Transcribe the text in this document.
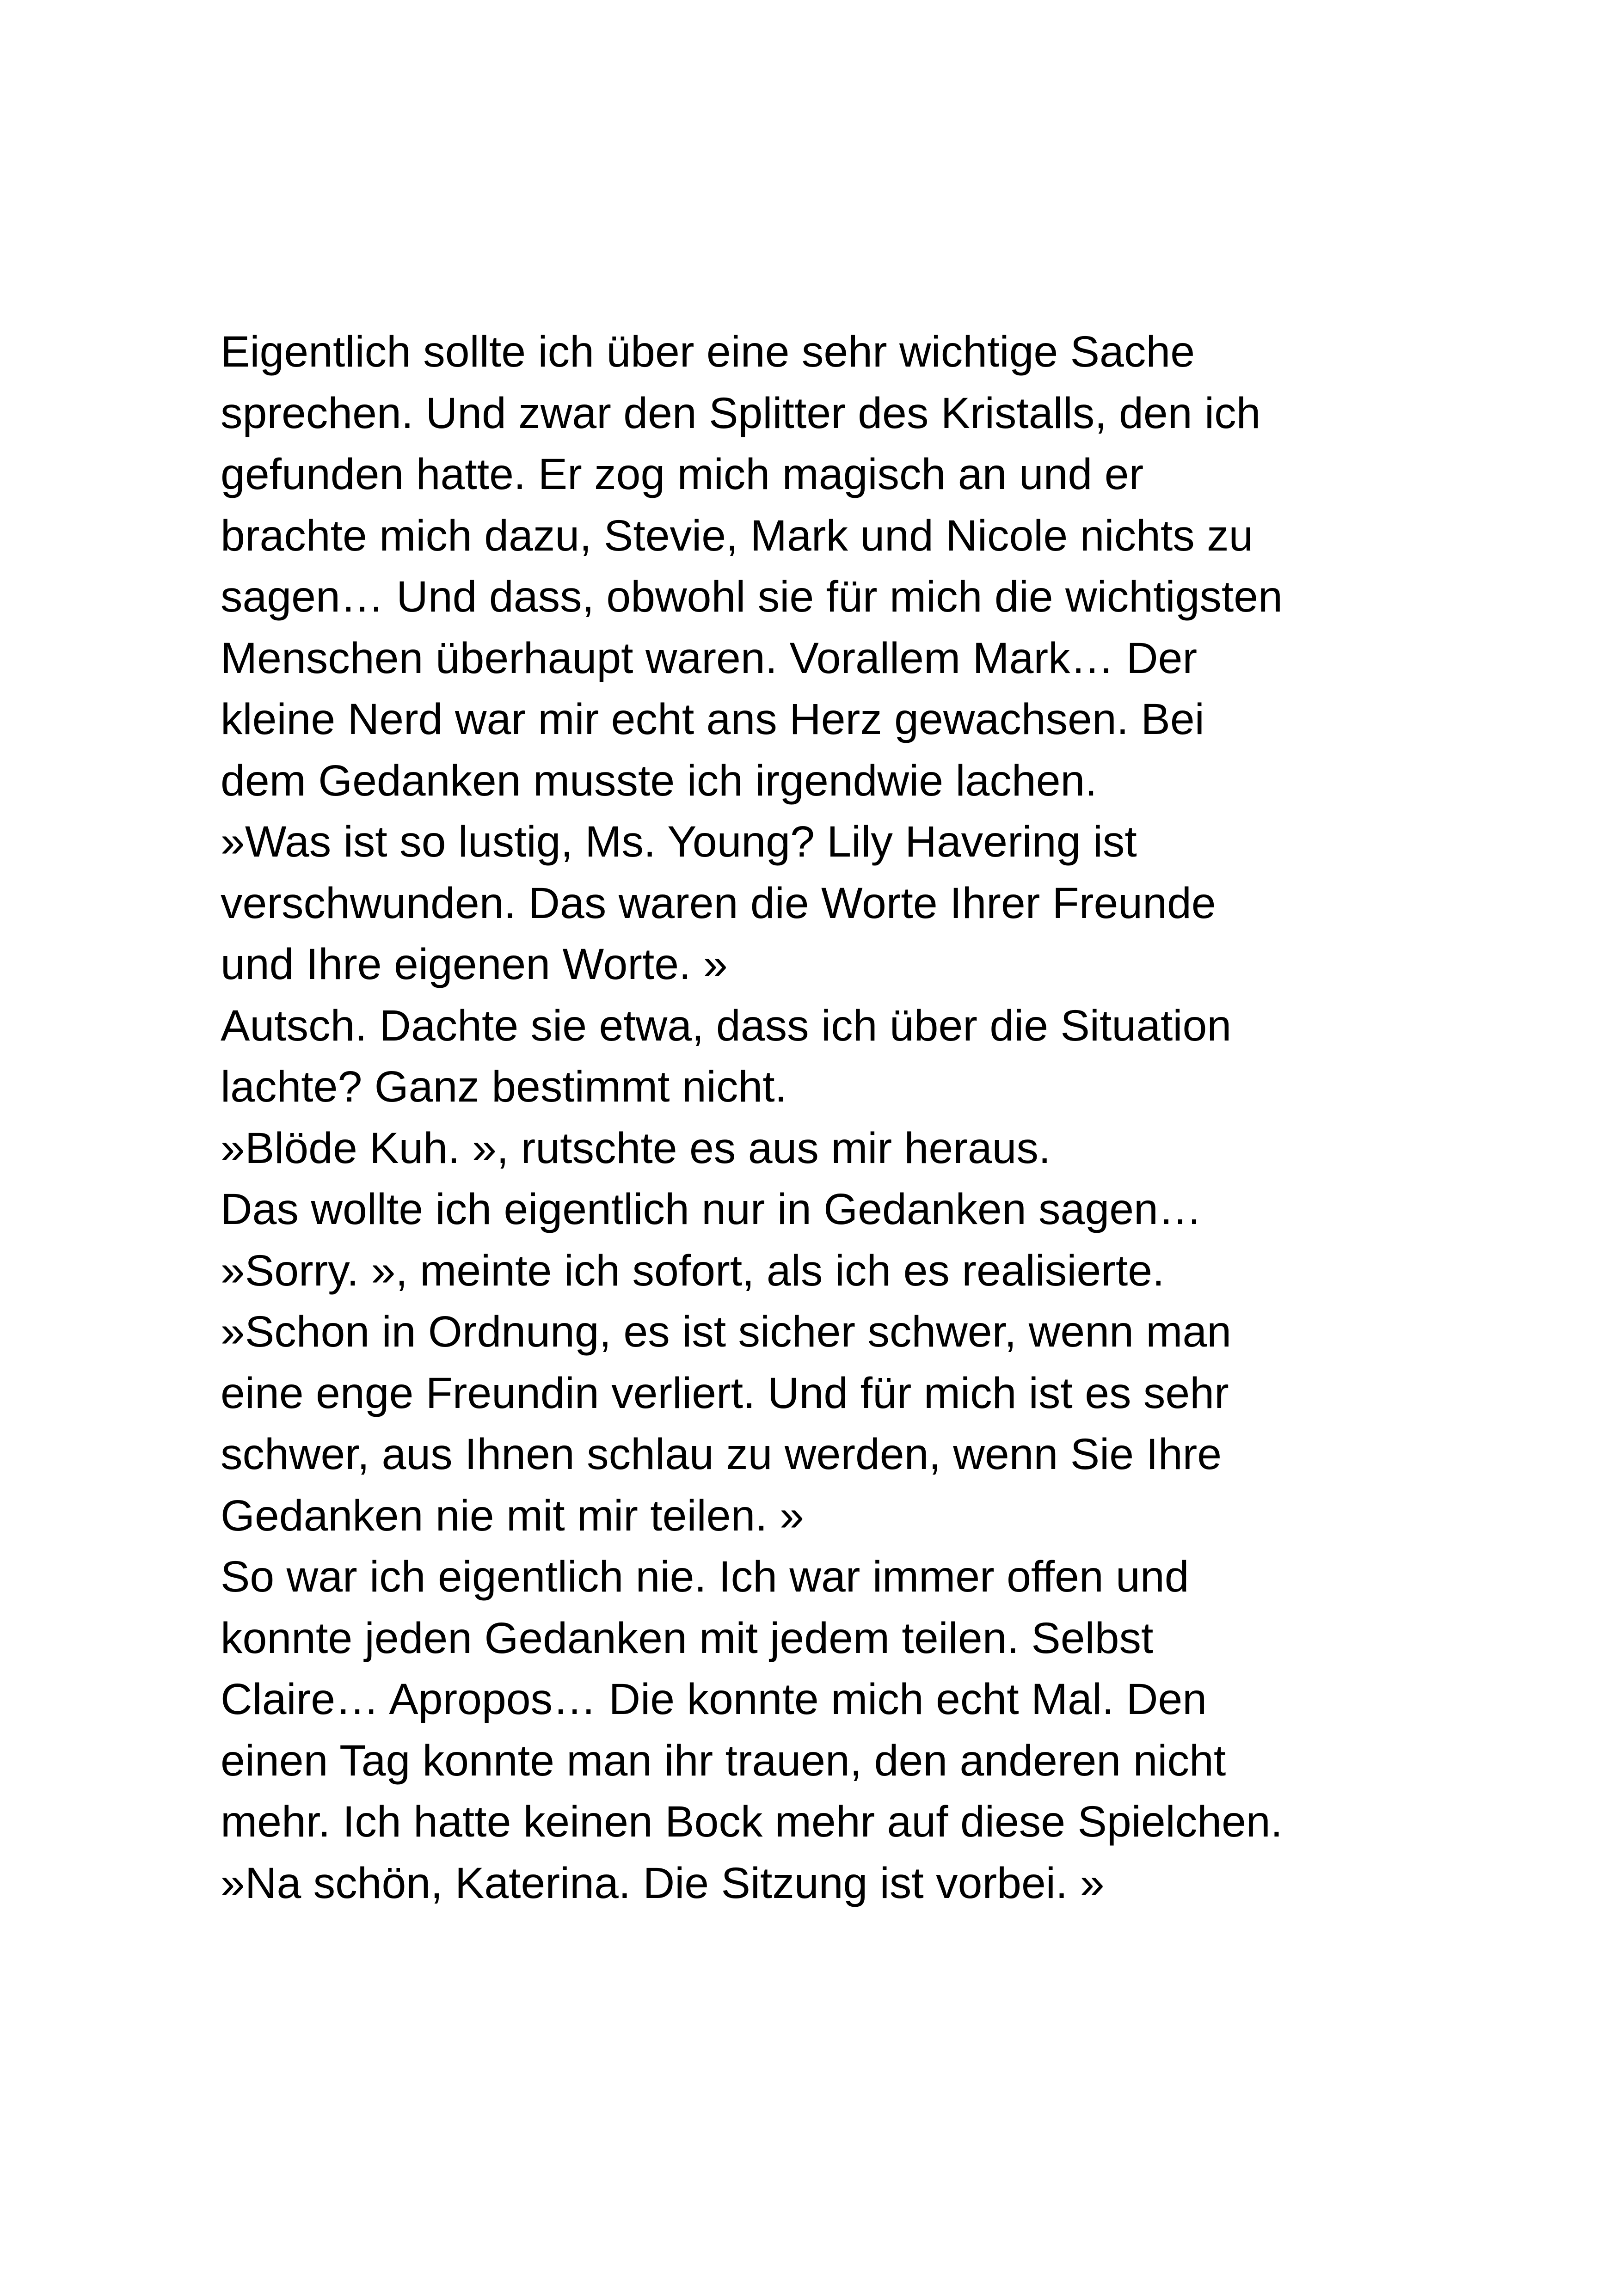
Eigentlich sollte ich über eine sehr wichtige Sache
sprechen. Und zwar den Splitter des Kristalls, den ich
gefunden hatte. Er zog mich magisch an und er
brachte mich dazu, Stevie, Mark und Nicole nichts zu
sagen… Und dass, obwohl sie für mich die wichtigsten
Menschen überhaupt waren. Vorallem Mark… Der
kleine Nerd war mir echt ans Herz gewachsen. Bei
dem Gedanken musste ich irgendwie lachen.
»Was ist so lustig, Ms. Young? Lily Havering ist
verschwunden. Das waren die Worte Ihrer Freunde
und Ihre eigenen Worte. »
Autsch. Dachte sie etwa, dass ich über die Situation
lachte? Ganz bestimmt nicht.
»Blöde Kuh. », rutschte es aus mir heraus.
Das wollte ich eigentlich nur in Gedanken sagen…
»Sorry. », meinte ich sofort, als ich es realisierte.
»Schon in Ordnung, es ist sicher schwer, wenn man
eine enge Freundin verliert. Und für mich ist es sehr
schwer, aus Ihnen schlau zu werden, wenn Sie Ihre
Gedanken nie mit mir teilen. »
So war ich eigentlich nie. Ich war immer offen und
konnte jeden Gedanken mit jedem teilen. Selbst
Claire… Apropos… Die konnte mich echt Mal. Den
einen Tag konnte man ihr trauen, den anderen nicht
mehr. Ich hatte keinen Bock mehr auf diese Spielchen.
»Na schön, Katerina. Die Sitzung ist vorbei. »
